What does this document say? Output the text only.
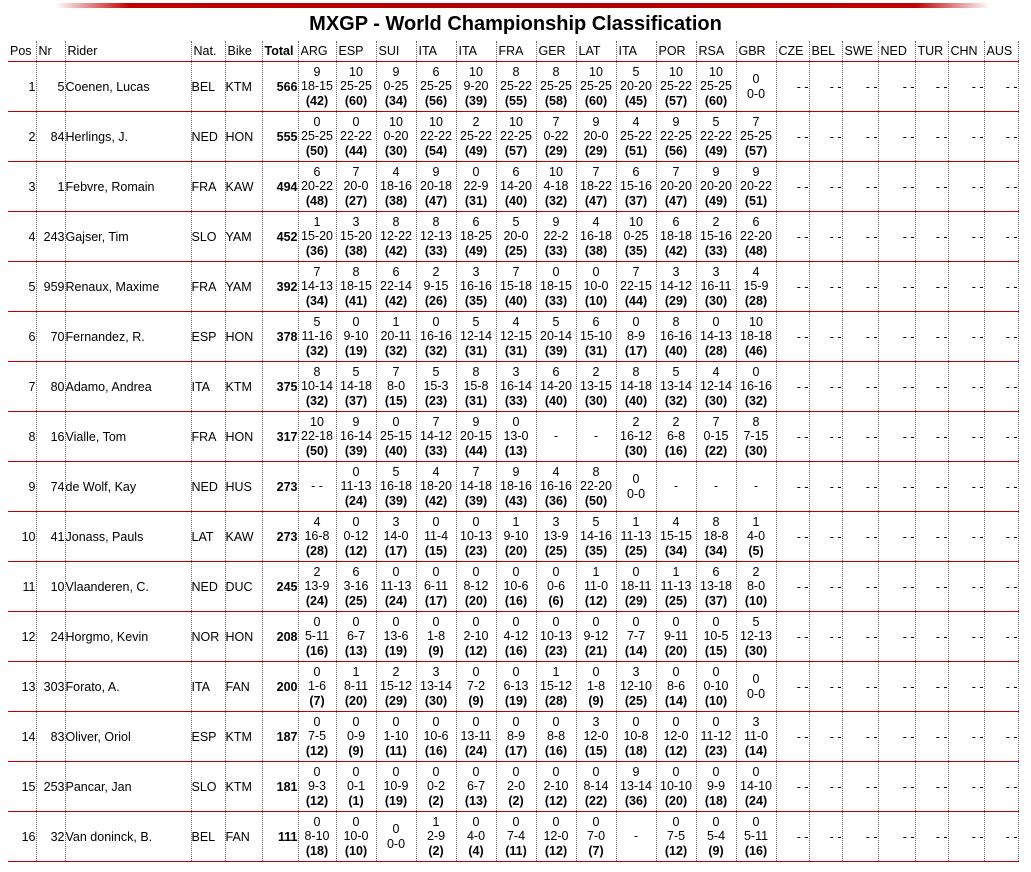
MXGP - World Championship Classification
Pos	Nr	Rider	Nat.	Bike	Total	ARG	ESP	SUI	ITA	ITA	FRA	GER	LAT	ITA	POR	RSA	GBR	CZE	BEL	SWE	NED	TUR	CHN	AUS
1	5	Coenen, Lucas	BEL	KTM	566	9
18-15
(42)	10
25-25
(60)	9
0-25
(34)	6
25-25
(56)	10
9-20
(39)	8
25-22
(55)	8
25-25
(58)	10
25-25
(60)	5
20-20
(45)	10
25-22
(57)	10
25-25
(60)	0
0-0	- -	- -	- -	- -	- -	- -	- -
2	84	Herlings, J.	NED	HON	555	0
25-25
(50)	0
22-22
(44)	10
0-20
(30)	10
22-22
(54)	2
25-22
(49)	10
22-25
(57)	7
0-22
(29)	9
20-0
(29)	4
25-22
(51)	9
22-25
(56)	5
22-22
(49)	7
25-25
(57)	- -	- -	- -	- -	- -	- -	- -
3	1	Febvre, Romain	FRA	KAW	494	6
20-22
(48)	7
20-0
(27)	4
18-16
(38)	9
20-18
(47)	0
22-9
(31)	6
14-20
(40)	10
4-18
(32)	7
18-22
(47)	6
15-16
(37)	7
20-20
(47)	9
20-20
(49)	9
20-22
(51)	- -	- -	- -	- -	- -	- -	- -
4	243	Gajser, Tim	SLO	YAM	452	1
15-20
(36)	3
15-20
(38)	8
12-22
(42)	8
12-13
(33)	6
18-25
(49)	5
20-0
(25)	9
22-2
(33)	4
16-18
(38)	10
0-25
(35)	6
18-18
(42)	2
15-16
(33)	6
22-20
(48)	- -	- -	- -	- -	- -	- -	- -
5	959	Renaux, Maxime	FRA	YAM	392	7
14-13
(34)	8
18-15
(41)	6
22-14
(42)	2
9-15
(26)	3
16-16
(35)	7
15-18
(40)	0
18-15
(33)	0
10-0
(10)	7
22-15
(44)	3
14-12
(29)	3
16-11
(30)	4
15-9
(28)	- -	- -	- -	- -	- -	- -	- -
6	70	Fernandez, R.	ESP	HON	378	5
11-16
(32)	0
9-10
(19)	1
20-11
(32)	0
16-16
(32)	5
12-14
(31)	4
12-15
(31)	5
20-14
(39)	6
15-10
(31)	0
8-9
(17)	8
16-16
(40)	0
14-13
(28)	10
18-18
(46)	- -	- -	- -	- -	- -	- -	- -
7	80	Adamo, Andrea	ITA	KTM	375	8
10-14
(32)	5
14-18
(37)	7
8-0
(15)	5
15-3
(23)	8
15-8
(31)	3
16-14
(33)	6
14-20
(40)	2
13-15
(30)	8
14-18
(40)	5
13-14
(32)	4
12-14
(30)	0
16-16
(32)	- -	- -	- -	- -	- -	- -	- -
8	16	Vialle, Tom	FRA	HON	317	10
22-18
(50)	9
16-14
(39)	0
25-15
(40)	7
14-12
(33)	9
20-15
(44)	0
13-0
(13)	-	-	2
16-12
(30)	2
6-8
(16)	7
0-15
(22)	8
7-15
(30)	- -	- -	- -	- -	- -	- -	- -
9	74	de Wolf, Kay	NED	HUS	273	- -	0
11-13
(24)	5
16-18
(39)	4
18-20
(42)	7
14-18
(39)	9
18-16
(43)	4
16-16
(36)	8
22-20
(50)	0
0-0	-	-	-	- -	- -	- -	- -	- -	- -	- -
10	41	Jonass, Pauls	LAT	KAW	273	4
16-8
(28)	0
0-12
(12)	3
14-0
(17)	0
11-4
(15)	0
10-13
(23)	1
9-10
(20)	3
13-9
(25)	5
14-16
(35)	1
11-13
(25)	4
15-15
(34)	8
18-8
(34)	1
4-0
(5)	- -	- -	- -	- -	- -	- -	- -
11	10	Vlaanderen, C.	NED	DUC	245	2
13-9
(24)	6
3-16
(25)	0
11-13
(24)	0
6-11
(17)	0
8-12
(20)	0
10-6
(16)	0
0-6
(6)	1
11-0
(12)	0
18-11
(29)	1
11-13
(25)	6
13-18
(37)	2
8-0
(10)	- -	- -	- -	- -	- -	- -	- -
12	24	Horgmo, Kevin	NOR	HON	208	0
5-11
(16)	0
6-7
(13)	0
13-6
(19)	0
1-8
(9)	0
2-10
(12)	0
4-12
(16)	0
10-13
(23)	0
9-12
(21)	0
7-7
(14)	0
9-11
(20)	0
10-5
(15)	5
12-13
(30)	- -	- -	- -	- -	- -	- -	- -
13	303	Forato, A.	ITA	FAN	200	0
1-6
(7)	1
8-11
(20)	2
15-12
(29)	3
13-14
(30)	0
7-2
(9)	0
6-13
(19)	1
15-12
(28)	0
1-8
(9)	3
12-10
(25)	0
8-6
(14)	0
0-10
(10)	0
0-0	- -	- -	- -	- -	- -	- -	- -
14	83	Oliver, Oriol	ESP	KTM	187	0
7-5
(12)	0
0-9
(9)	0
1-10
(11)	0
10-6
(16)	0
13-11
(24)	0
8-9
(17)	0
8-8
(16)	3
12-0
(15)	0
10-8
(18)	0
12-0
(12)	0
11-12
(23)	3
11-0
(14)	- -	- -	- -	- -	- -	- -	- -
15	253	Pancar, Jan	SLO	KTM	181	0
9-3
(12)	0
0-1
(1)	0
10-9
(19)	0
0-2
(2)	0
6-7
(13)	0
2-0
(2)	0
2-10
(12)	0
8-14
(22)	9
13-14
(36)	0
10-10
(20)	0
9-9
(18)	0
14-10
(24)	- -	- -	- -	- -	- -	- -	- -
16	32	Van doninck, B.	BEL	FAN	111	0
8-10
(18)	0
10-0
(10)	0
0-0	1
2-9
(2)	0
4-0
(4)	0
7-4
(11)	0
12-0
(12)	0
7-0
(7)	-	0
7-5
(12)	0
5-4
(9)	0
5-11
(16)	- -	- -	- -	- -	- -	- -	- -
